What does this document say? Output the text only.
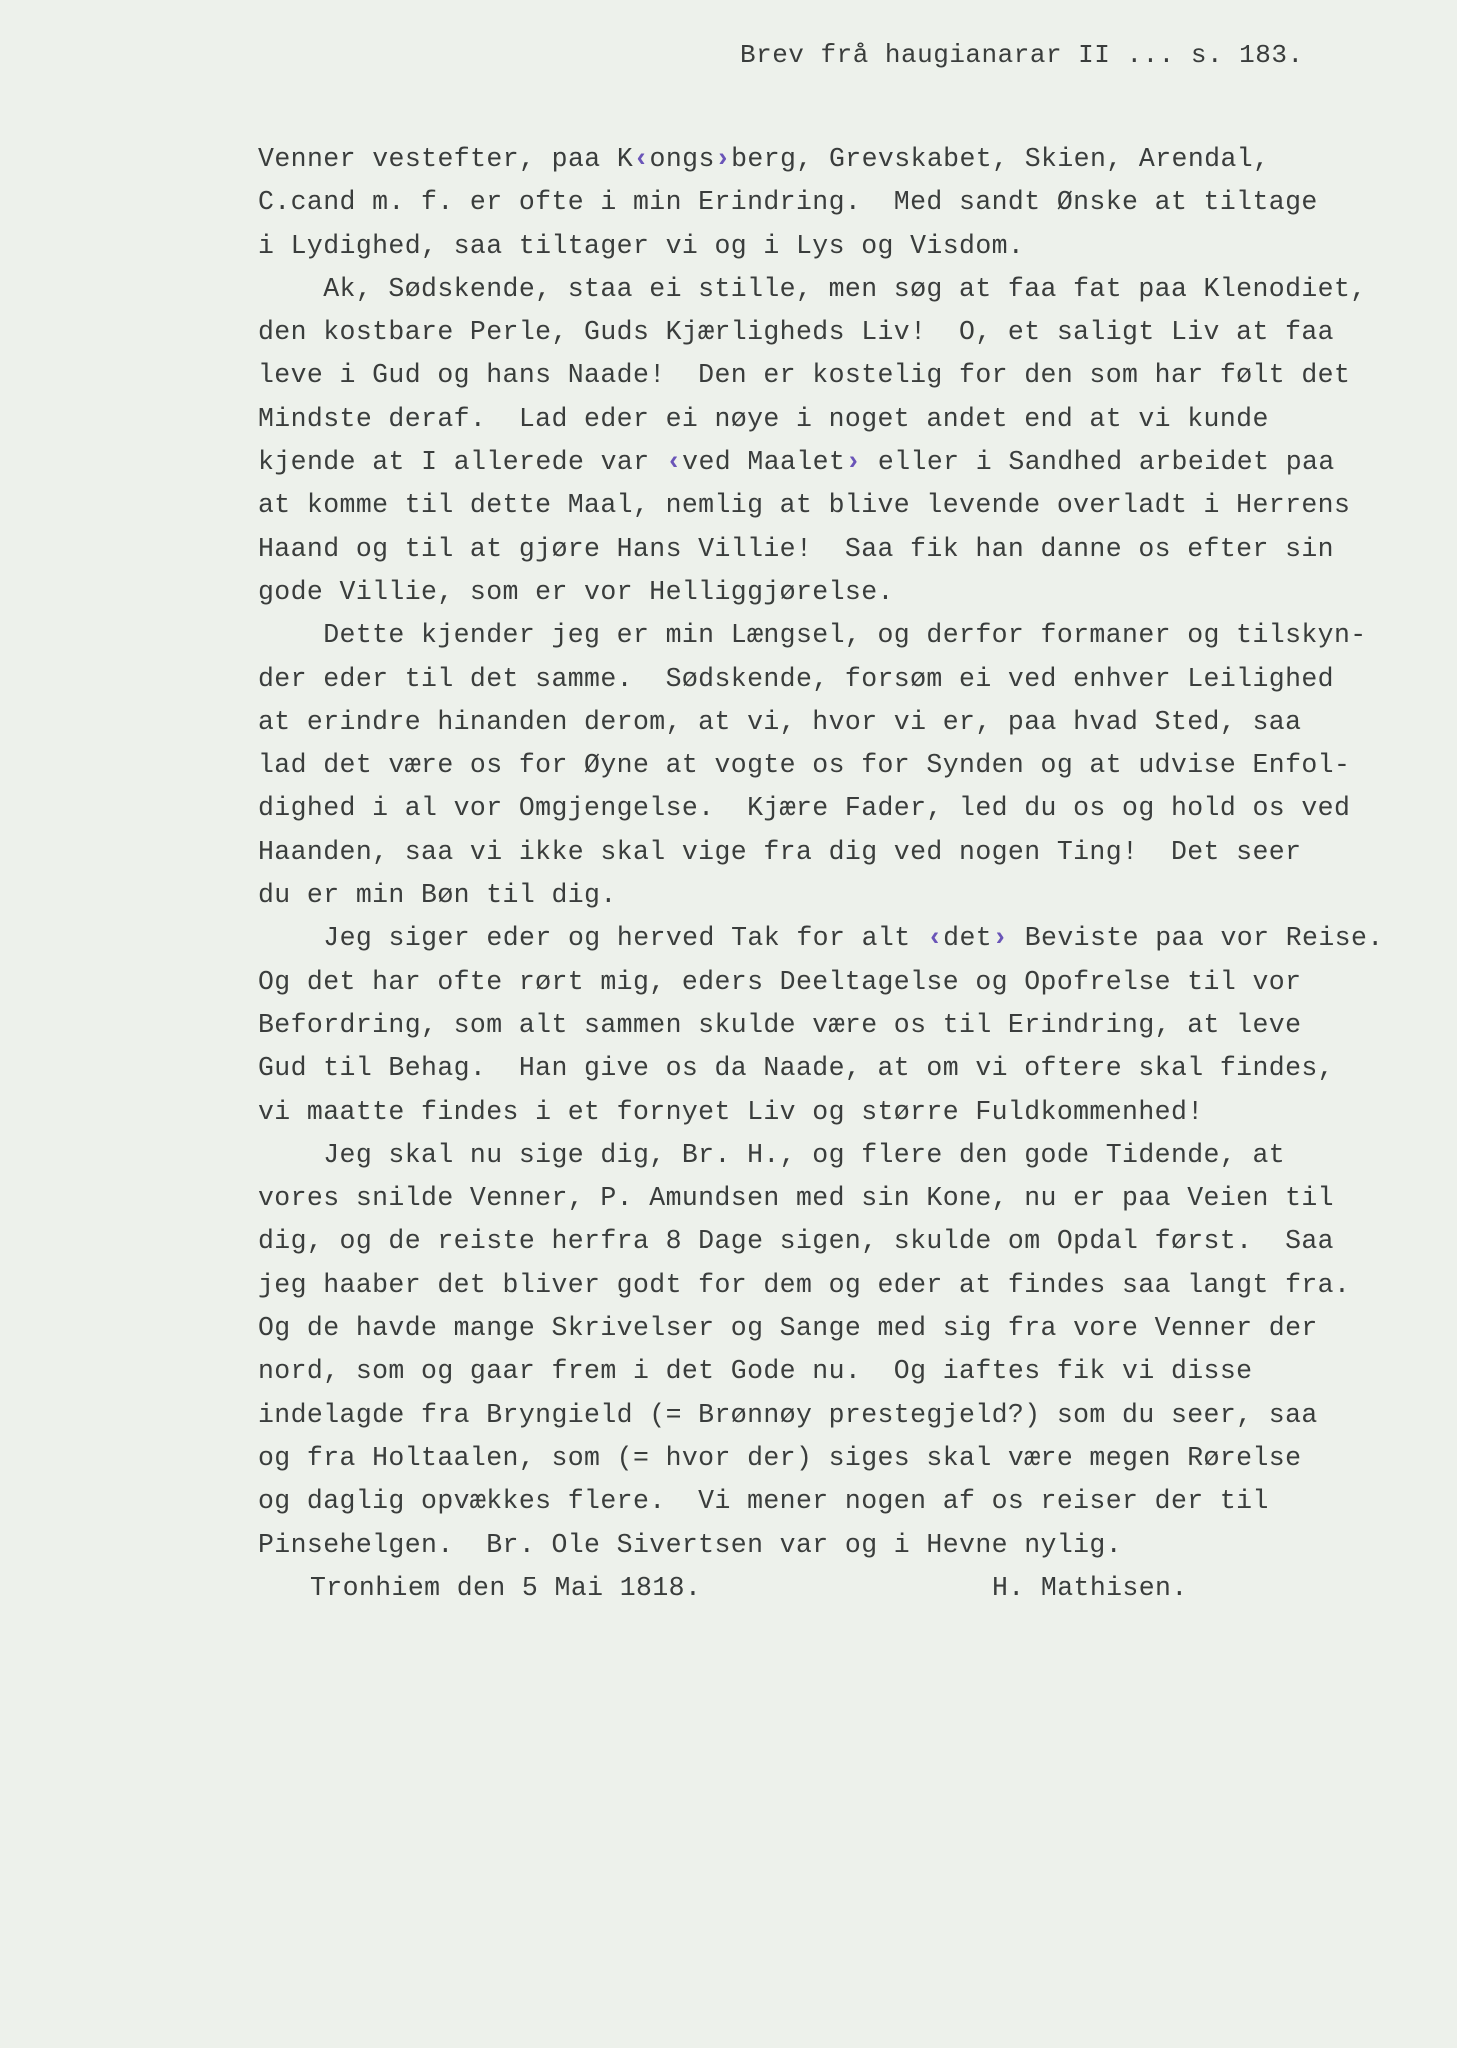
Brev frå haugianarar II ... s. 183.
Venner vestefter, paa K‹ongs›berg, Grevskabet, Skien, Arendal,
C.cand m. f. er ofte i min Erindring.  Med sandt Ønske at tiltage
i Lydighed, saa tiltager vi og i Lys og Visdom.
Ak, Sødskende, staa ei stille, men søg at faa fat paa Klenodiet,
den kostbare Perle, Guds Kjærligheds Liv!  O, et saligt Liv at faa
leve i Gud og hans Naade!  Den er kostelig for den som har følt det
Mindste deraf.  Lad eder ei nøye i noget andet end at vi kunde
kjende at I allerede var ‹ved Maalet› eller i Sandhed arbeidet paa
at komme til dette Maal, nemlig at blive levende overladt i Herrens
Haand og til at gjøre Hans Villie!  Saa fik han danne os efter sin
gode Villie, som er vor Helliggjørelse.
Dette kjender jeg er min Længsel, og derfor formaner og tilskyn-
der eder til det samme.  Sødskende, forsøm ei ved enhver Leilighed
at erindre hinanden derom, at vi, hvor vi er, paa hvad Sted, saa
lad det være os for Øyne at vogte os for Synden og at udvise Enfol-
dighed i al vor Omgjengelse.  Kjære Fader, led du os og hold os ved
Haanden, saa vi ikke skal vige fra dig ved nogen Ting!  Det seer
du er min Bøn til dig.
Jeg siger eder og herved Tak for alt ‹det› Beviste paa vor Reise.
Og det har ofte rørt mig, eders Deeltagelse og Opofrelse til vor
Befordring, som alt sammen skulde være os til Erindring, at leve
Gud til Behag.  Han give os da Naade, at om vi oftere skal findes,
vi maatte findes i et fornyet Liv og større Fuldkommenhed!
Jeg skal nu sige dig, Br. H., og flere den gode Tidende, at
vores snilde Venner, P. Amundsen med sin Kone, nu er paa Veien til
dig, og de reiste herfra 8 Dage sigen, skulde om Opdal først.  Saa
jeg haaber det bliver godt for dem og eder at findes saa langt fra.
Og de havde mange Skrivelser og Sange med sig fra vore Venner der
nord, som og gaar frem i det Gode nu.  Og iaftes fik vi disse
indelagde fra Bryngield (= Brønnøy prestegjeld?) som du seer, saa
og fra Holtaalen, som (= hvor der) siges skal være megen Rørelse
og daglig opvækkes flere.  Vi mener nogen af os reiser der til
Pinsehelgen.  Br. Ole Sivertsen var og i Hevne nylig.

Tronhiem den 5 Mai 1818.

	H. Mathisen.
